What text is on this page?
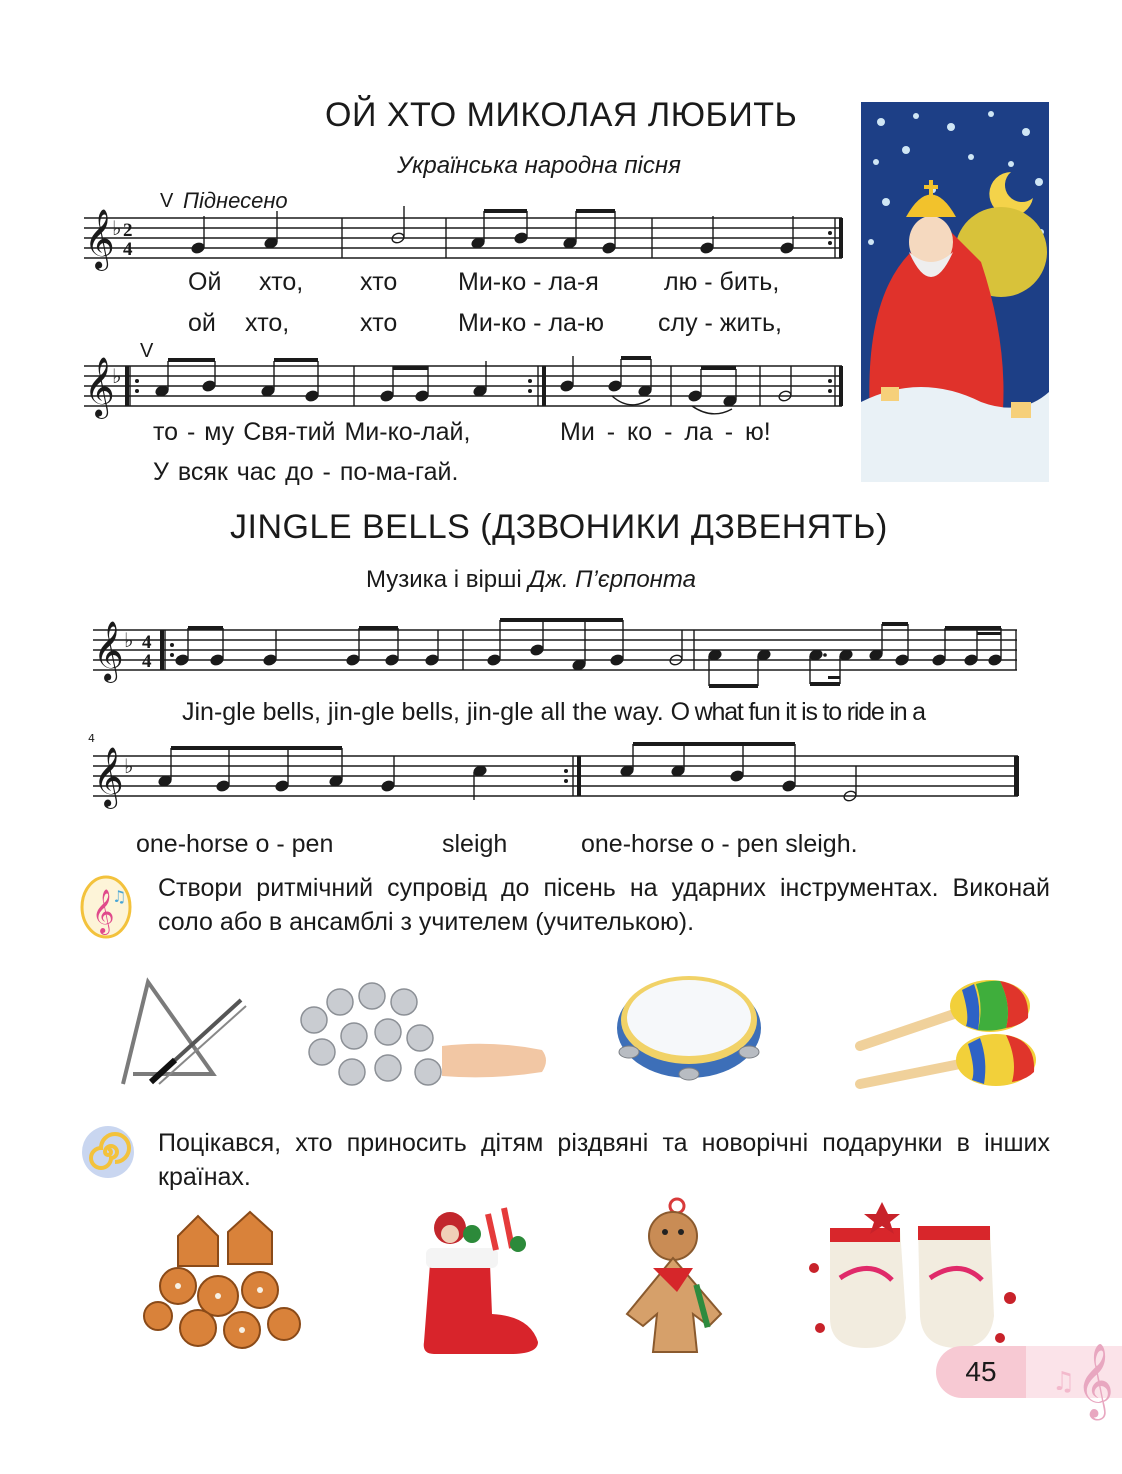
ОЙ ХТО МИКОЛАЯ ЛЮБИТЬ
Українська народна пісня
V Піднесено
𝄞
♭ 2
4
Ой хто, хто Ми-ко - ла-я	лю - бить,
ой хто,	хто Ми-ко - ла-ю слу - жить,
V
𝄞
♭
то - му Свя-тий Ми-ко-лай,	Ми - ко - ла - ю!
У всяк час до - по-ма-гай.
JINGLE BELLS (ДЗВОНИКИ ДЗВЕНЯТЬ)
Музика і вірші Дж. П’єрпонта
𝄞 ♭ 4
4
Jin-gle bells, jin-gle bells, jin-gle all the way. O what fun it is to ride in a
𝄞 ♭
4
one-horse o - pen	sleigh	one-horse o - pen sleigh.
𝄞
♫ Створи ритмічний супровід до пісень на ударних інструментах. Виконай соло або в ансамблі з учителем (учителькою).
Поцікався, хто приносить дітям різдвяні та новорічні подарунки в інших країнах.
45	𝄞
♫
